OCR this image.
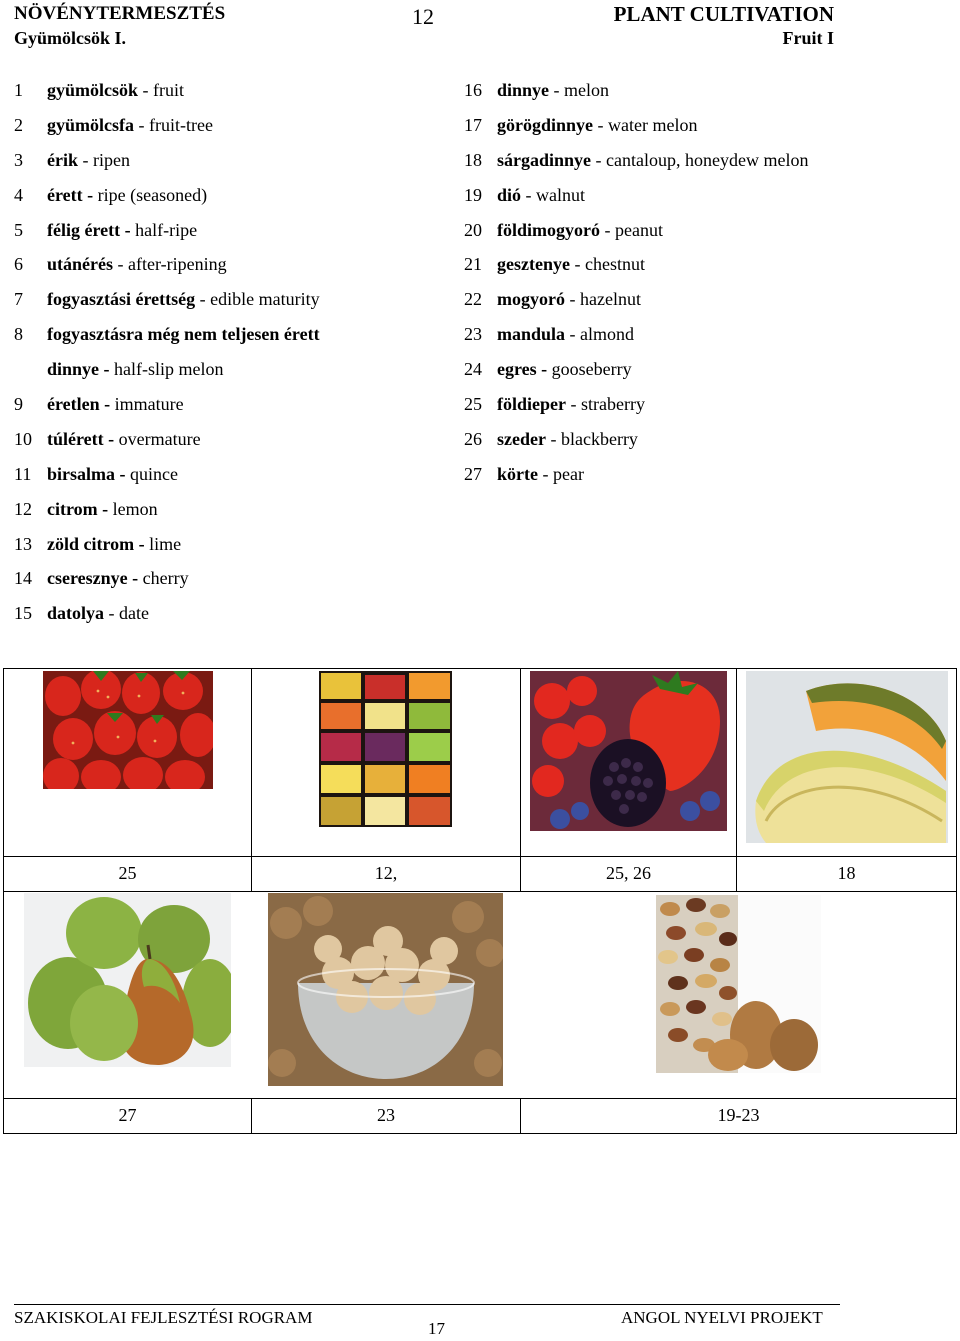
NÖVÉNYTERMESZTÉS
Gyümölcsök I.
12	PLANT CULTIVATION
Fruit I
1 gyümölcsök - fruit
2 gyümölcsfa - fruit-tree
3 érik - ripen
4 érett - ripe (seasoned)
5 félig érett - half-ripe
6 utánérés - after-ripening
7 fogyasztási érettség - edible maturity
8 fogyasztásra még nem teljesen érett
dinnye - half-slip melon
9 éretlen - immature
10 túlérett - overmature
11 birsalma - quince
12 citrom - lemon
13 zöld citrom - lime
14 cseresznye - cherry
15 datolya - date
16 dinnye - melon
17 görögdinnye - water melon
18 sárgadinnye - cantaloup, honeydew melon
19 dió - walnut
20 földimogyoró - peanut
21 gesztenye - chestnut
22 mogyoró - hazelnut
23 mandula - almond
24 egres - gooseberry
25 földieper - straberry
26 szeder - blackberry
27 körte - pear
25	12,	25, 26	18
27	23	19-23
SZAKISKOLAI FEJLESZTÉSI ROGRAM
17
ANGOL NYELVI PROJEKT
